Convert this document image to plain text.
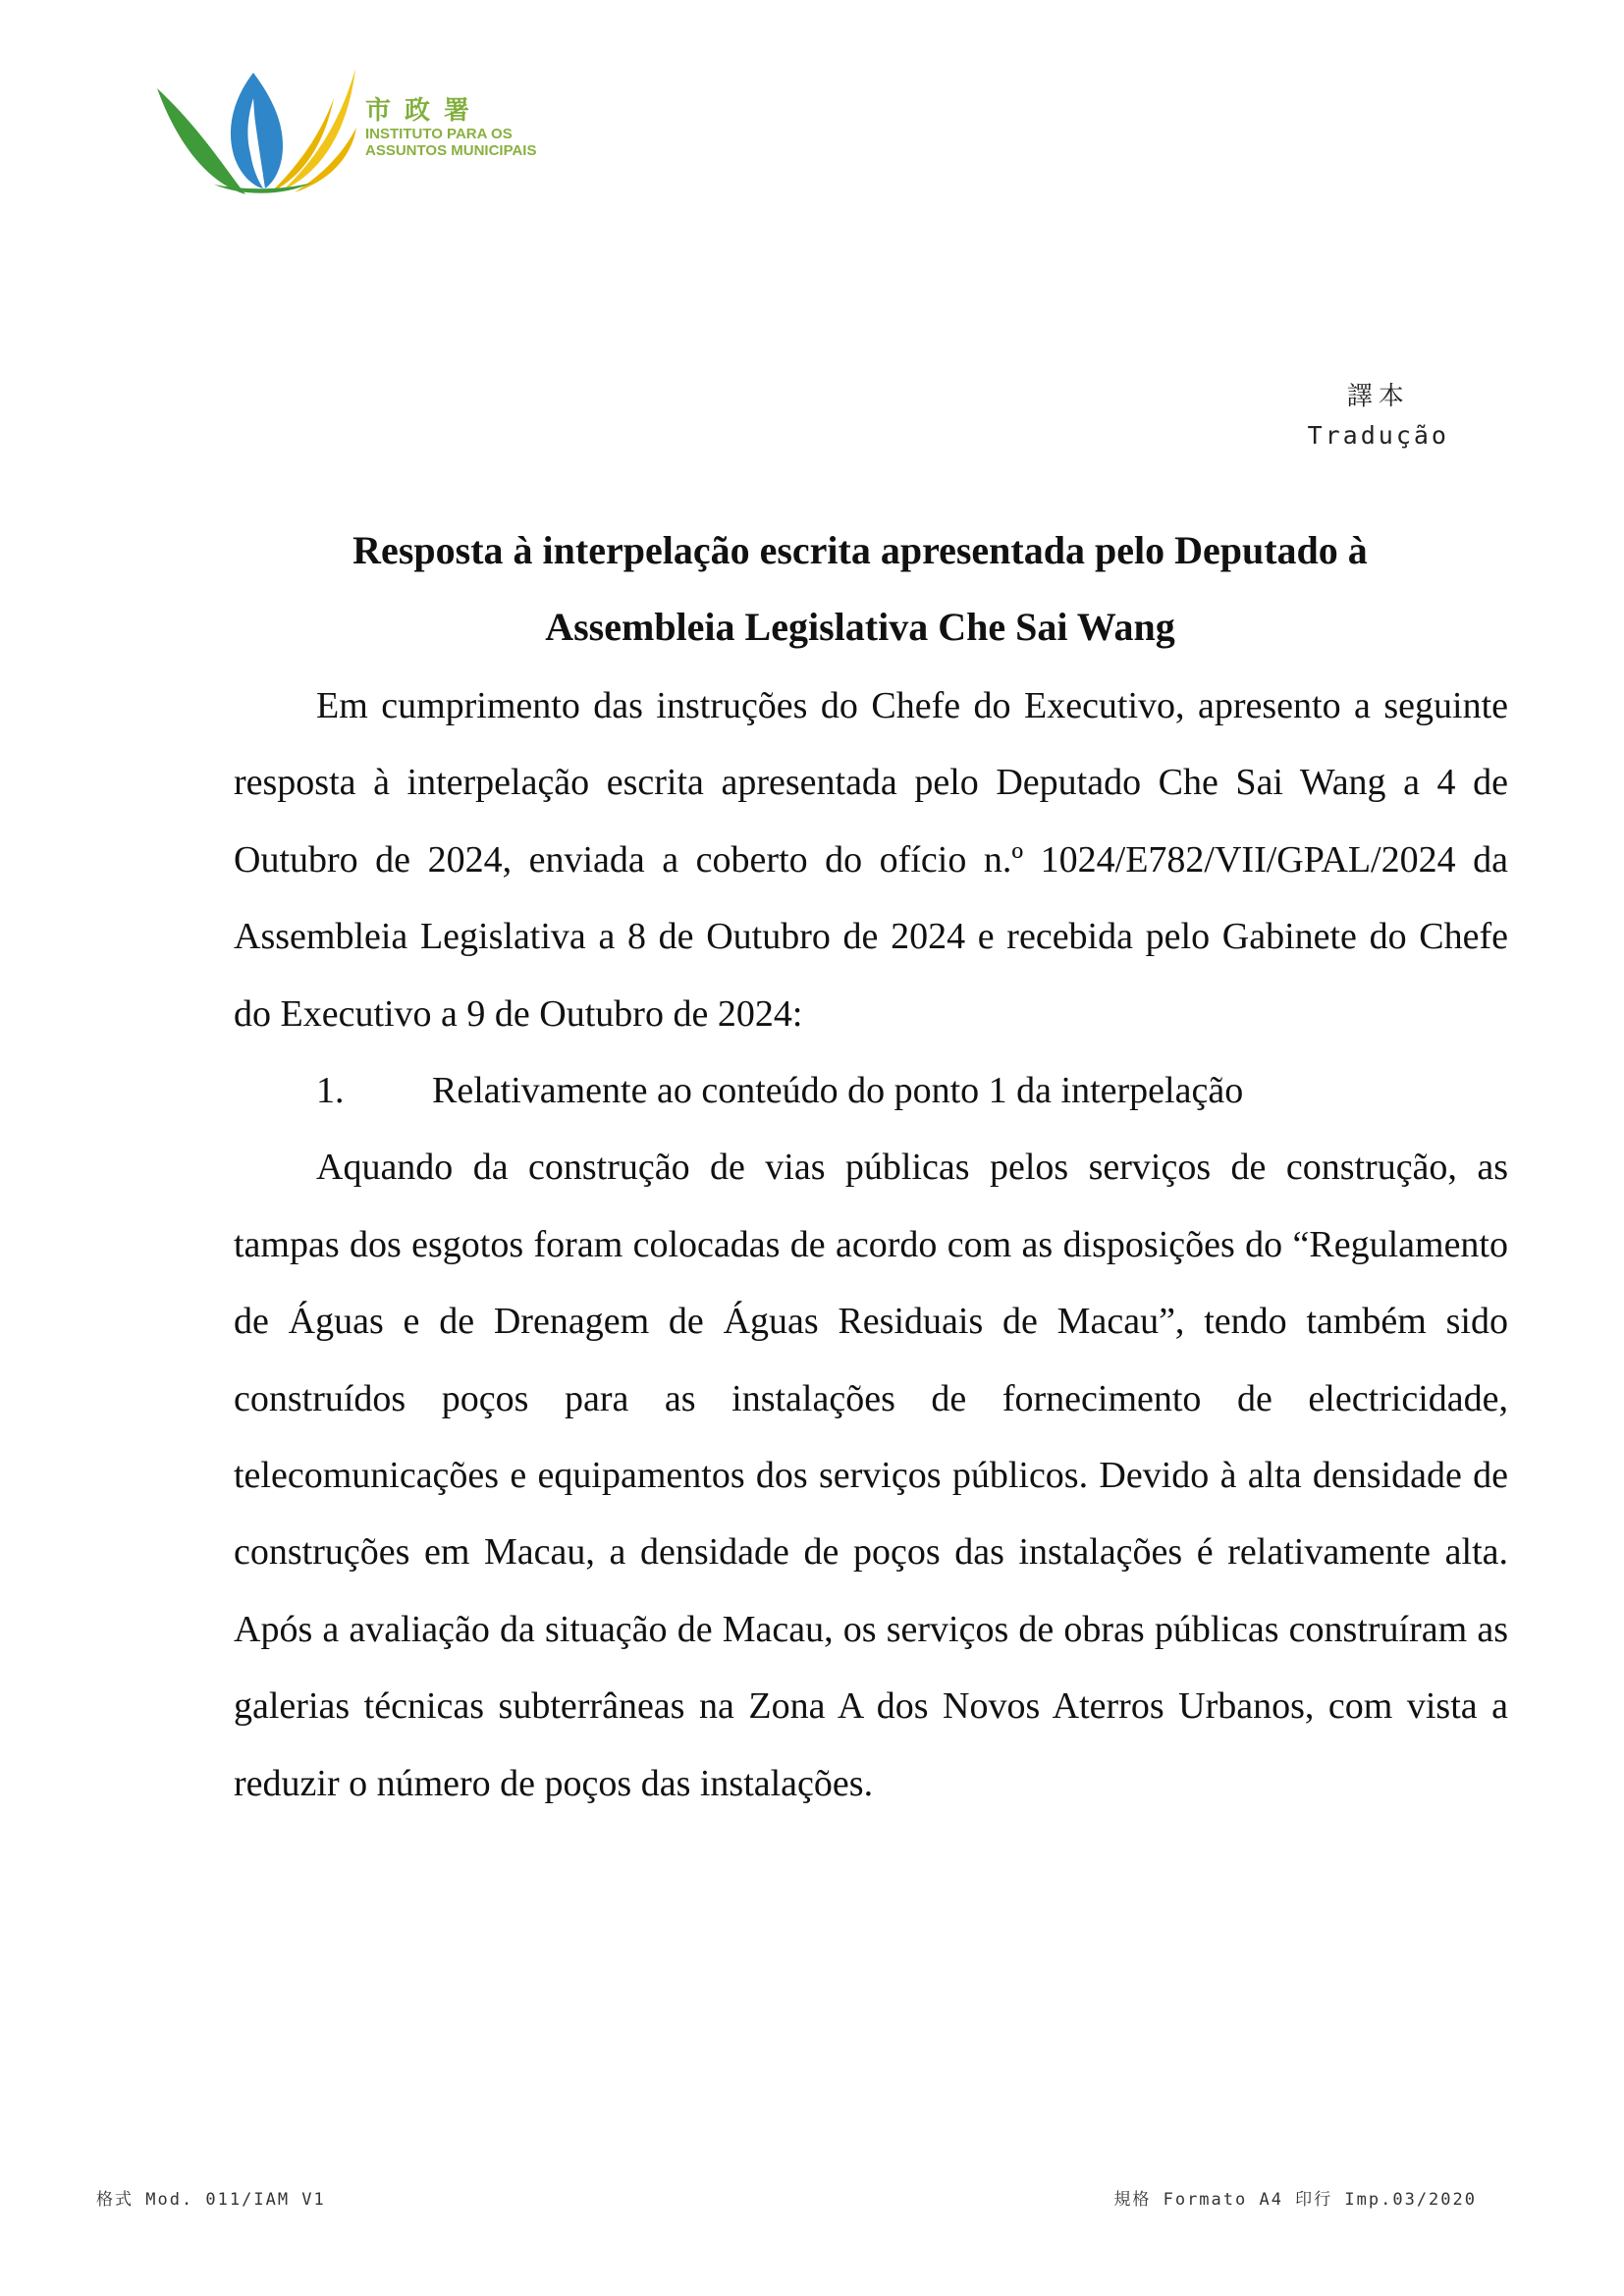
市政署
INSTITUTO PARA OS
ASSUNTOS MUNICIPAIS
譯本
Tradução
Resposta à interpelação escrita apresentada pelo Deputado à
Assembleia Legislativa Che Sai Wang

Em cumprimento das instruções do Chefe do Executivo, apresento a seguinte resposta à interpelação escrita apresentada pelo Deputado Che Sai Wang a 4 de Outubro de 2024, enviada a coberto do ofício n.º 1024/E782/VII/GPAL/2024 da Assembleia Legislativa a 8 de Outubro de 2024 e recebida pelo Gabinete do Chefe do Executivo a 9 de Outubro de 2024:

1.	Relativamente ao conteúdo do ponto 1 da interpelação

Aquando da construção de vias públicas pelos serviços de construção, as tampas dos esgotos foram colocadas de acordo com as disposições do “Regulamento de Águas e de Drenagem de Águas Residuais de Macau”, tendo também sido construídos poços para as instalações de fornecimento de electricidade, telecomunicações e equipamentos dos serviços públicos. Devido à alta densidade de construções em Macau, a densidade de poços das instalações é relativamente alta. Após a avaliação da situação de Macau, os serviços de obras públicas construíram as galerias técnicas subterrâneas na Zona A dos Novos Aterros Urbanos, com vista a reduzir o número de poços das instalações.

格式 Mod. 011/IAM V1	規格 Formato A4 印行 Imp.03/2020
